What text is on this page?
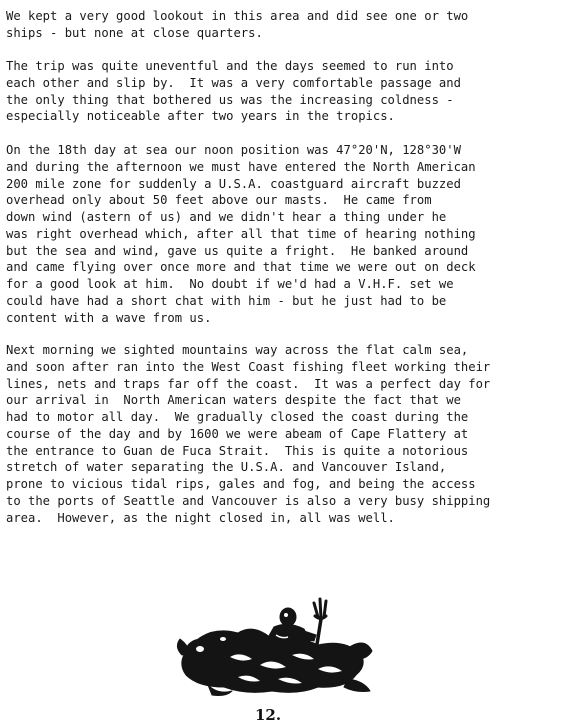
We kept a very good lookout in this area and did see one or two
ships - but none at close quarters.

The trip was quite uneventful and the days seemed to run into
each other and slip by.  It was a very comfortable passage and
the only thing that bothered us was the increasing coldness -
especially noticeable after two years in the tropics.

On the 18th day at sea our noon position was 47°20'N, 128°30'W
and during the afternoon we must have entered the North American
200 mile zone for suddenly a U.S.A. coastguard aircraft buzzed
overhead only about 50 feet above our masts.  He came from
down wind (astern of us) and we didn't hear a thing under he
was right overhead which, after all that time of hearing nothing
but the sea and wind, gave us quite a fright.  He banked around
and came flying over once more and that time we were out on deck
for a good look at him.  No doubt if we'd had a V.H.F. set we
could have had a short chat with him - but he just had to be
content with a wave from us.

Next morning we sighted mountains way across the flat calm sea,
and soon after ran into the West Coast fishing fleet working their
lines, nets and traps far off the coast.  It was a perfect day for
our arrival in  North American waters despite the fact that we
had to motor all day.  We gradually closed the coast during the
course of the day and by 1600 we were abeam of Cape Flattery at
the entrance to Guan de Fuca Strait.  This is quite a notorious
stretch of water separating the U.S.A. and Vancouver Island,
prone to vicious tidal rips, gales and fog, and being the access
to the ports of Seattle and Vancouver is also a very busy shipping
area.  However, as the night closed in, all was well.

12.
